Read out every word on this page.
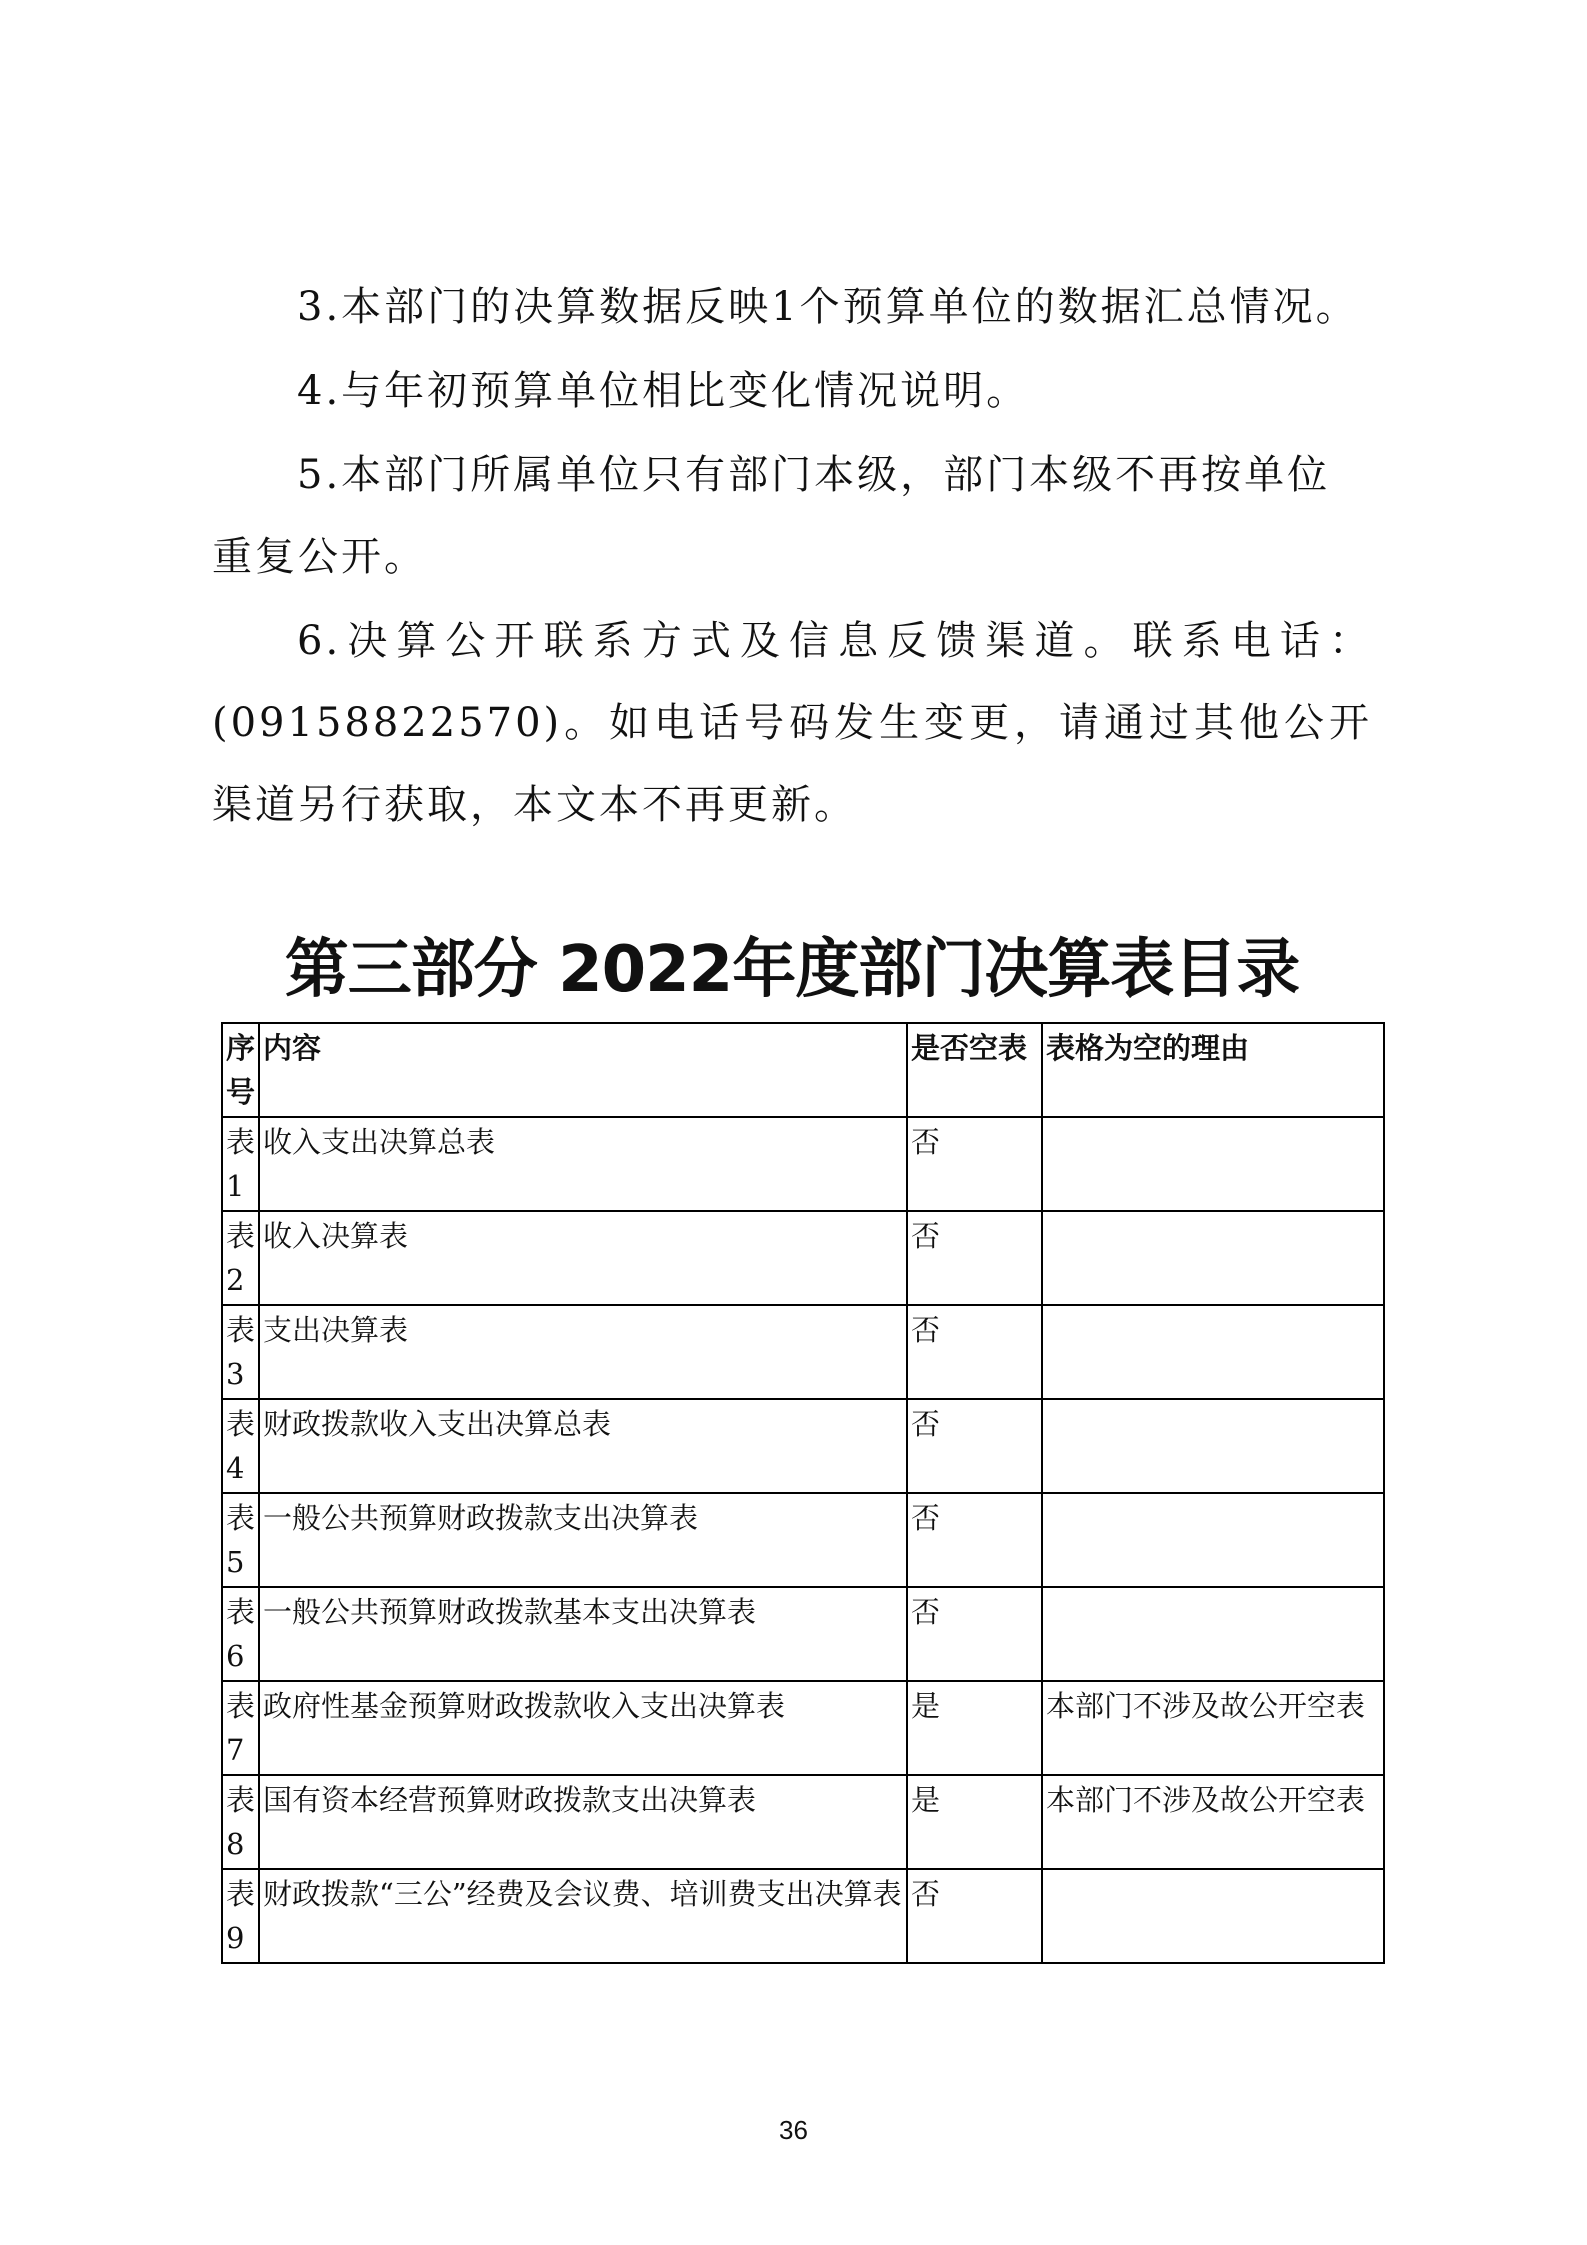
3.本部门的决算数据反映1个预算单位的数据汇总情况。

4.与年初预算单位相比变化情况说明。

5.本部门所属单位只有部门本级，部门本级不再按单位重复公开。

6.决算公开联系方式及信息反馈渠道。联系电话：(09158822570)。如电话号码发生变更，请通过其他公开渠道另行获取，本文本不再更新。

第三部分 2022年度部门决算表目录
序号	内容	是否空表	表格为空的理由
表1	收入支出决算总表	否	
表2	收入决算表	否	
表3	支出决算表	否	
表4	财政拨款收入支出决算总表	否	
表5	一般公共预算财政拨款支出决算表	否	
表6	一般公共预算财政拨款基本支出决算表	否	
表7	政府性基金预算财政拨款收入支出决算表	是	本部门不涉及故公开空表
表8	国有资本经营预算财政拨款支出决算表	是	本部门不涉及故公开空表
表9	财政拨款“三公”经费及会议费、培训费支出决算表	否	

36
